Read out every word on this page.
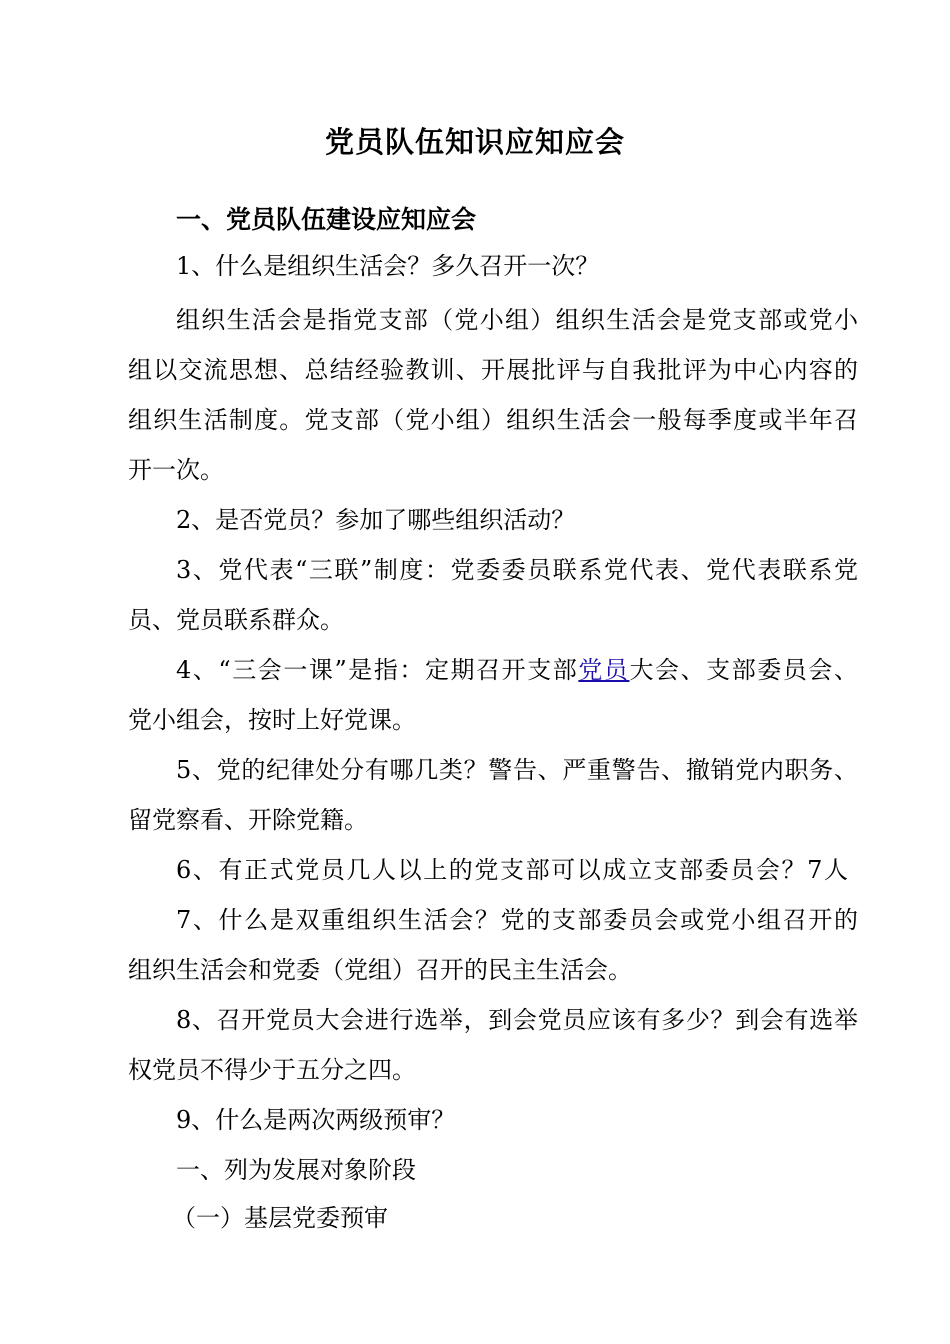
党员队伍知识应知应会
一、党员队伍建设应知应会
1、什么是组织生活会？多久召开一次？
组织生活会是指党支部（党小组）组织生活会是党支部或党小
组以交流思想、总结经验教训、开展批评与自我批评为中心内容的
组织生活制度。党支部（党小组）组织生活会一般每季度或半年召
开一次。
2、是否党员？参加了哪些组织活动？
3、党代表“三联”制度：党委委员联系党代表、党代表联系党
员、党员联系群众。
4、“三会一课”是指：定期召开支部党员大会、支部委员会、
党小组会，按时上好党课。
5、党的纪律处分有哪几类？警告、严重警告、撤销党内职务、
留党察看、开除党籍。
6、有正式党员几人以上的党支部可以成立支部委员会？7人
7、什么是双重组织生活会？党的支部委员会或党小组召开的
组织生活会和党委（党组）召开的民主生活会。
8、召开党员大会进行选举，到会党员应该有多少？到会有选举
权党员不得少于五分之四。
9、什么是两次两级预审？
一、列为发展对象阶段
（一）基层党委预审
